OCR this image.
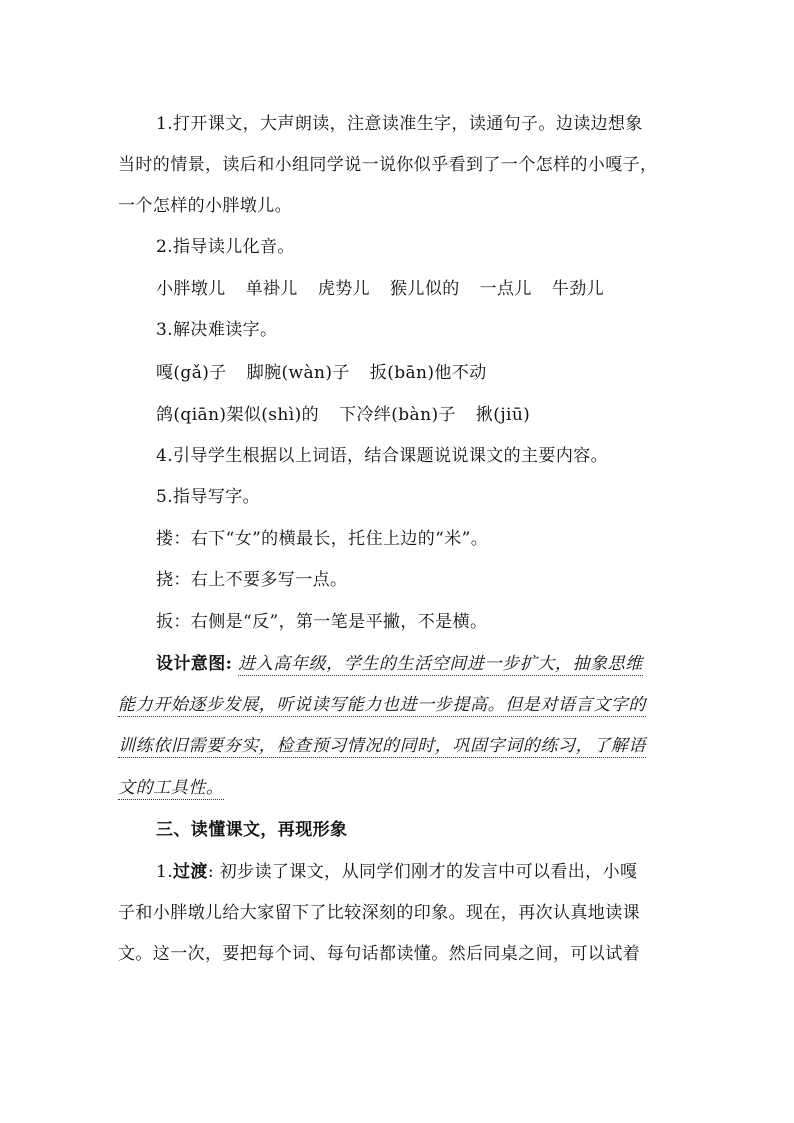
1.打开课文，大声朗读，注意读准生字，读通句子。边读边想象
当时的情景，读后和小组同学说一说你似乎看到了一个怎样的小嘎子，
一个怎样的小胖墩儿。
2.指导读儿化音。
小胖墩儿 单褂儿 虎势儿 猴儿似的 一点儿 牛劲儿
3.解决难读字。
嘎(gǎ)子 脚腕(wàn)子 扳(bān)他不动
鸽(qiān)架似(shì)的 下冷绊(bàn)子 揪(jiū)
4.引导学生根据以上词语，结合课题说说课文的主要内容。
5.指导写字。
搂：右下“女”的横最长，托住上边的“米”。
挠：右上不要多写一点。
扳：右侧是“反”，第一笔是平撇，不是横。
设计意图: 进入高年级，学生的生活空间进一步扩大，抽象思维
能力开始逐步发展，听说读写能力也进一步提高。但是对语言文字的
训练依旧需要夯实，检查预习情况的同时，巩固字词的练习，了解语
文的工具性。
三、读懂课文，再现形象
1.过渡: 初步读了课文，从同学们刚才的发言中可以看出，小嘎
子和小胖墩儿给大家留下了比较深刻的印象。现在，再次认真地读课
文。这一次，要把每个词、每句话都读懂。然后同桌之间，可以试着
